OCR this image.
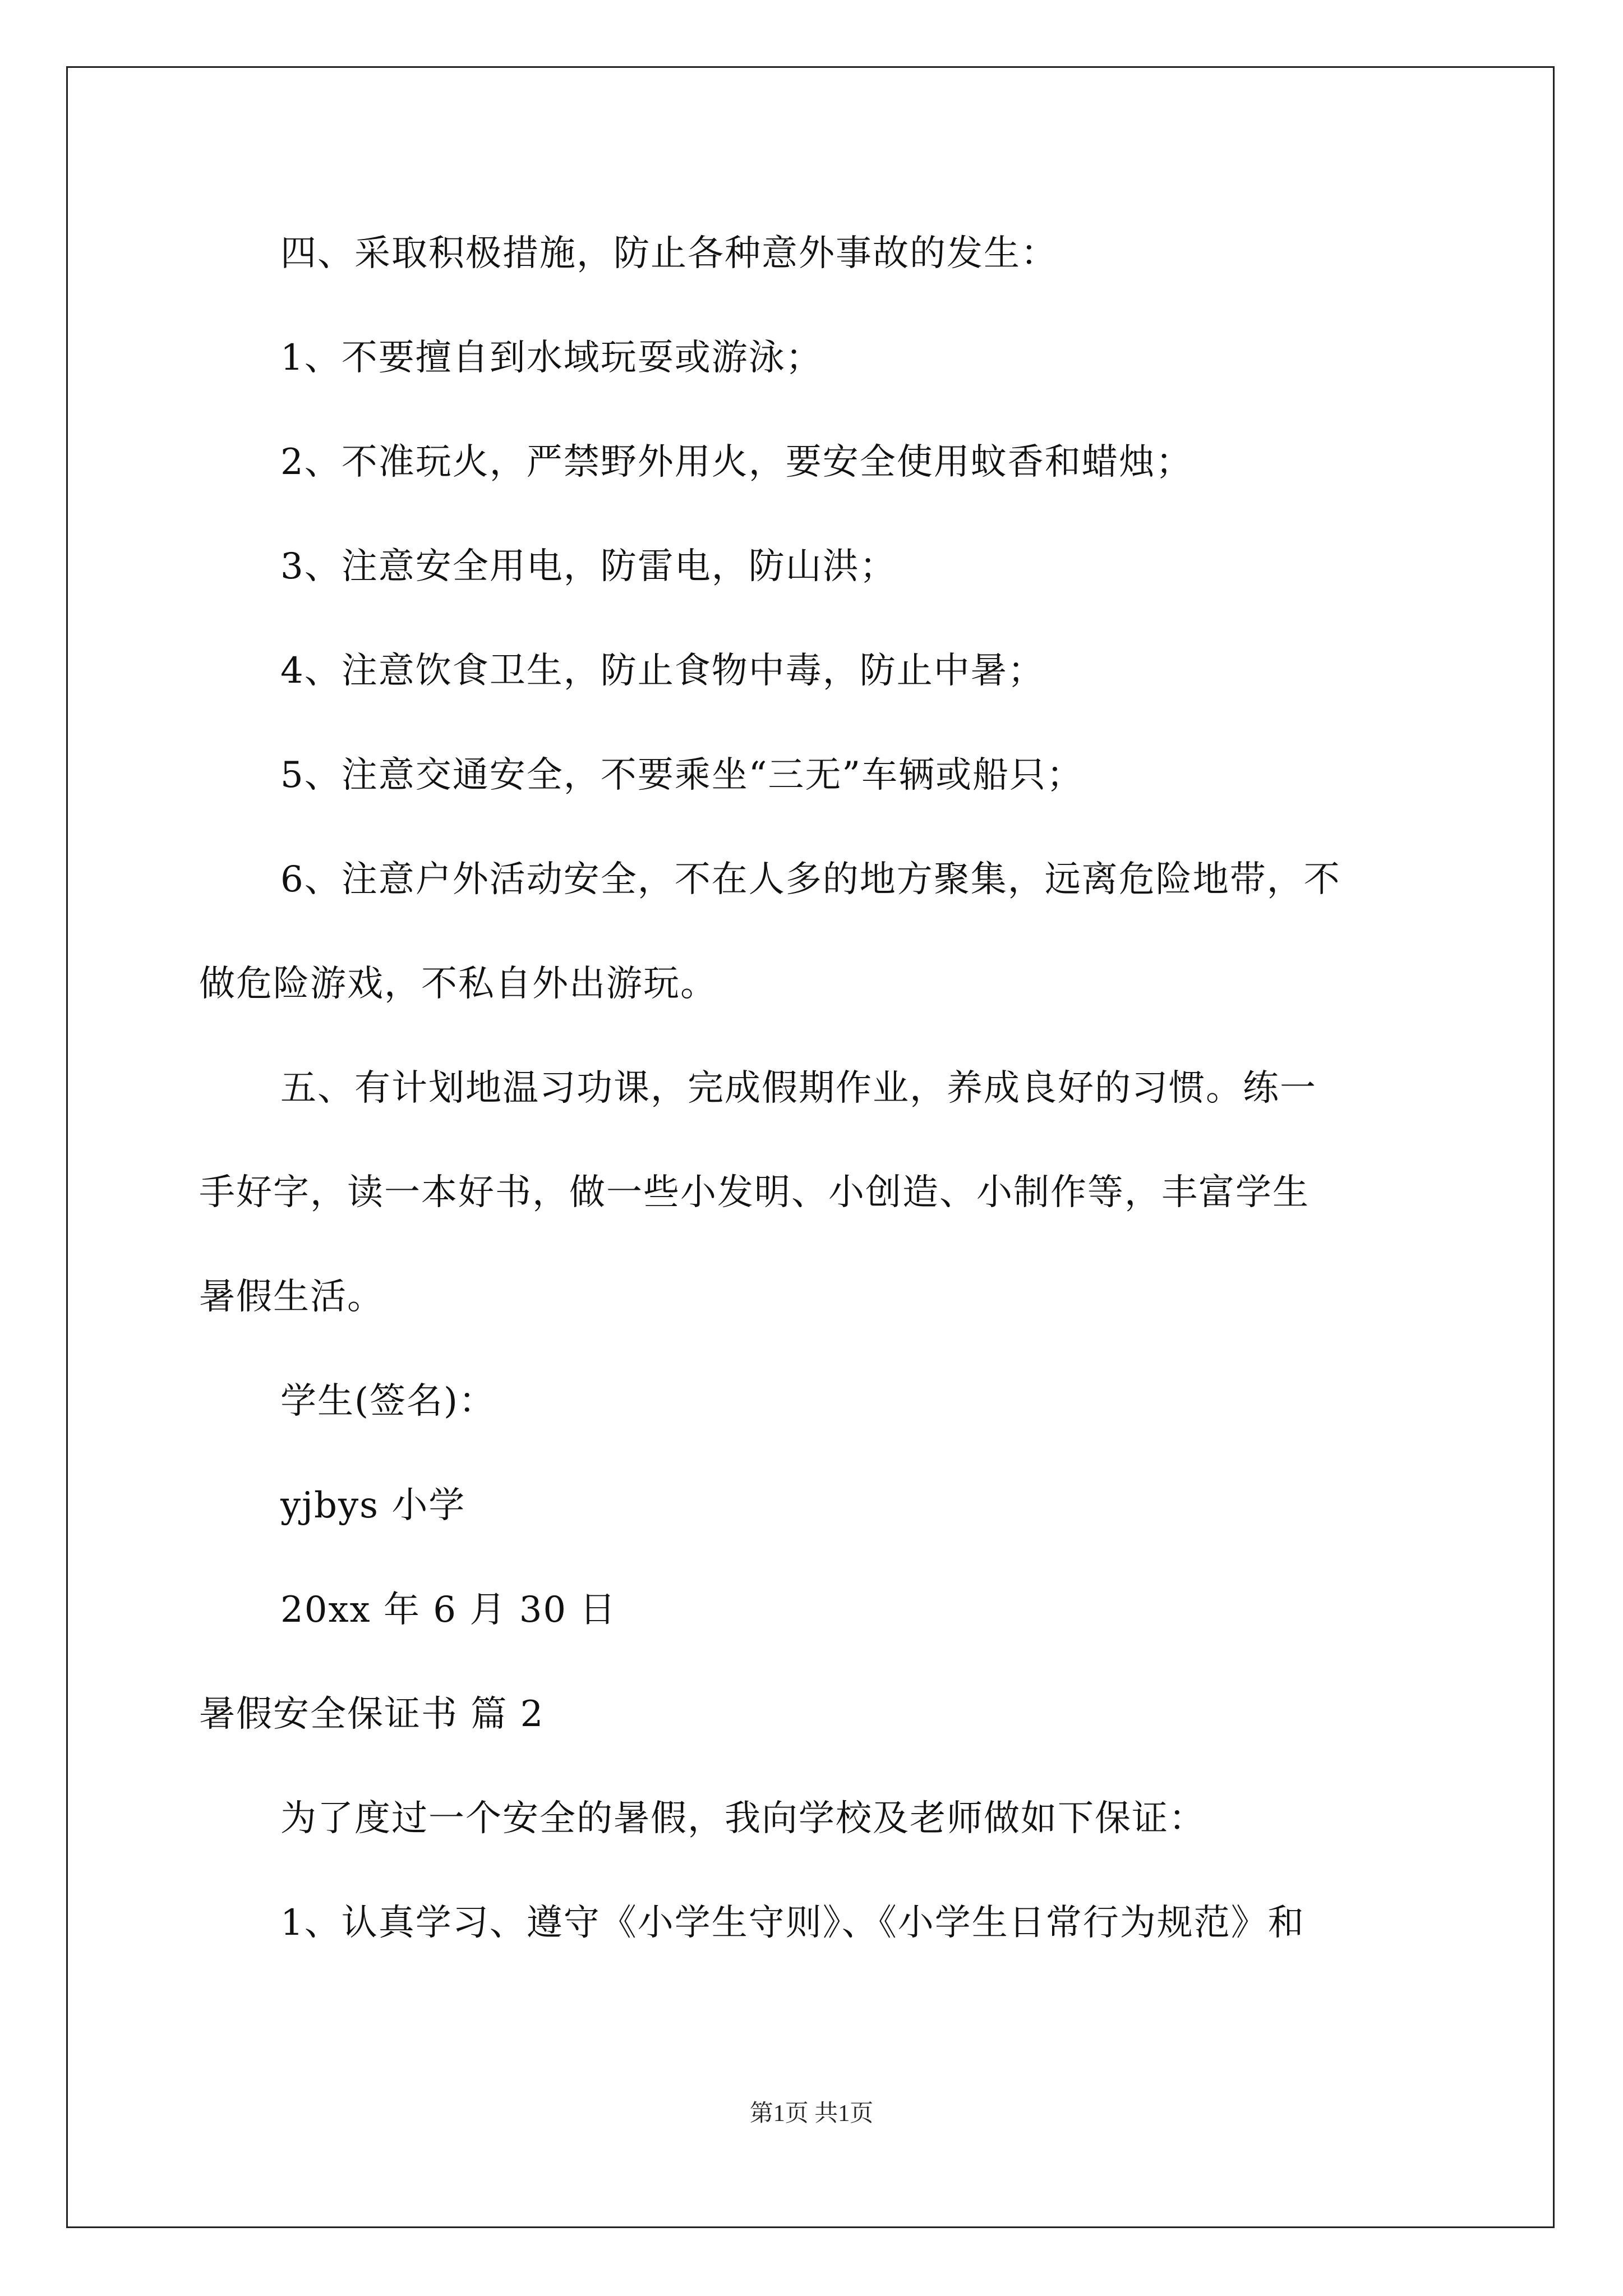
四、采取积极措施，防止各种意外事故的发生：
1、不要擅自到水域玩耍或游泳；
2、不准玩火，严禁野外用火，要安全使用蚊香和蜡烛；
3、注意安全用电，防雷电，防山洪；
4、注意饮食卫生，防止食物中毒，防止中暑；
5、注意交通安全，不要乘坐“三无”车辆或船只；
6、注意户外活动安全，不在人多的地方聚集，远离危险地带，不
做危险游戏，不私自外出游玩。
五、有计划地温习功课，完成假期作业，养成良好的习惯。练一
手好字，读一本好书，做一些小发明、小创造、小制作等，丰富学生
暑假生活。
学生(签名)：
yjbys 小学
20xx 年 6 月 30 日
暑假安全保证书 篇 2
为了度过一个安全的暑假，我向学校及老师做如下保证：
1、认真学习、遵守《小学生守则》、《小学生日常行为规范》和
第1页 共1页
